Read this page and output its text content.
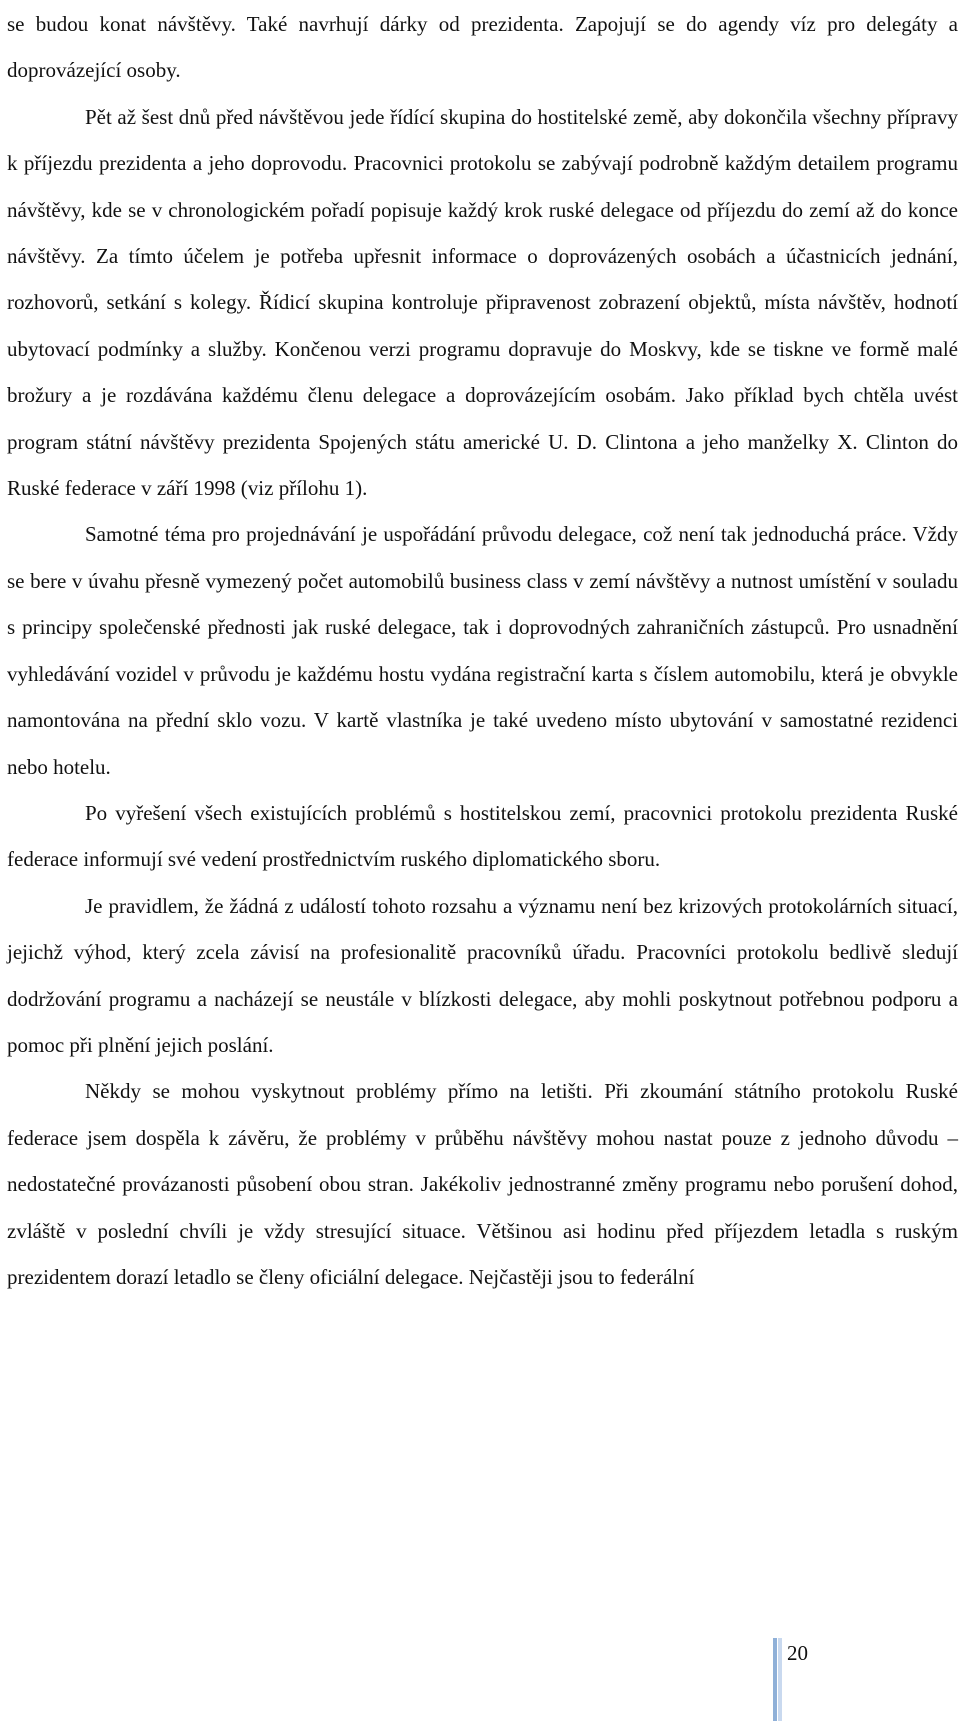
se budou konat návštěvy. Také navrhují dárky od prezidenta. Zapojují se do agendy víz pro delegáty a doprovázející osoby.

Pět až šest dnů před návštěvou jede řídící skupina do hostitelské země, aby dokončila všechny přípravy k příjezdu prezidenta a jeho doprovodu. Pracovnici protokolu se zabývají podrobně každým detailem programu návštěvy, kde se v chronologickém pořadí popisuje každý krok ruské delegace od příjezdu do zemí až do konce návštěvy. Za tímto účelem je potřeba upřesnit informace o doprovázených osobách a účastnicích jednání, rozhovorů, setkání s kolegy. Řídicí skupina kontroluje připravenost zobrazení objektů, místa návštěv, hodnotí ubytovací podmínky a služby. Končenou verzi programu dopravuje do Moskvy, kde se tiskne ve formě malé brožury a je rozdávána každému členu delegace a doprovázejícím osobám. Jako příklad bych chtěla uvést program státní návštěvy prezidenta Spojených státu americké U. D. Clintona a jeho manželky X. Clinton do Ruské federace v září 1998 (viz přílohu 1).

Samotné téma pro projednávání je uspořádání průvodu delegace, což není tak jednoduchá práce. Vždy se bere v úvahu přesně vymezený počet automobilů business class v zemí návštěvy a nutnost umístění v souladu s principy společenské přednosti jak ruské delegace, tak i doprovodných zahraničních zástupců. Pro usnadnění vyhledávání vozidel v průvodu je každému hostu vydána registrační karta s číslem automobilu, která je obvykle namontována na přední sklo vozu. V kartě vlastníka je také uvedeno místo ubytování v samostatné rezidenci nebo hotelu.

Po vyřešení všech existujících problémů s hostitelskou zemí, pracovnici protokolu prezidenta Ruské federace informují své vedení prostřednictvím ruského diplomatického sboru.

Je pravidlem, že žádná z událostí tohoto rozsahu a významu není bez krizových protokolárních situací, jejichž výhod, který zcela závisí na profesionalitě pracovníků úřadu. Pracovníci protokolu bedlivě sledují dodržování programu a nacházejí se neustále v blízkosti delegace, aby mohli poskytnout potřebnou podporu a pomoc při plnění jejich poslání.

Někdy se mohou vyskytnout problémy přímo na letišti. Při zkoumání státního protokolu Ruské federace jsem dospěla k závěru, že problémy v průběhu návštěvy mohou nastat pouze z jednoho důvodu – nedostatečné provázanosti působení obou stran. Jakékoliv jednostranné změny programu nebo porušení dohod, zvláště v poslední chvíli je vždy stresující situace. Většinou asi hodinu před příjezdem letadla s ruským prezidentem dorazí letadlo se členy oficiální delegace. Nejčastěji jsou to federální

20
